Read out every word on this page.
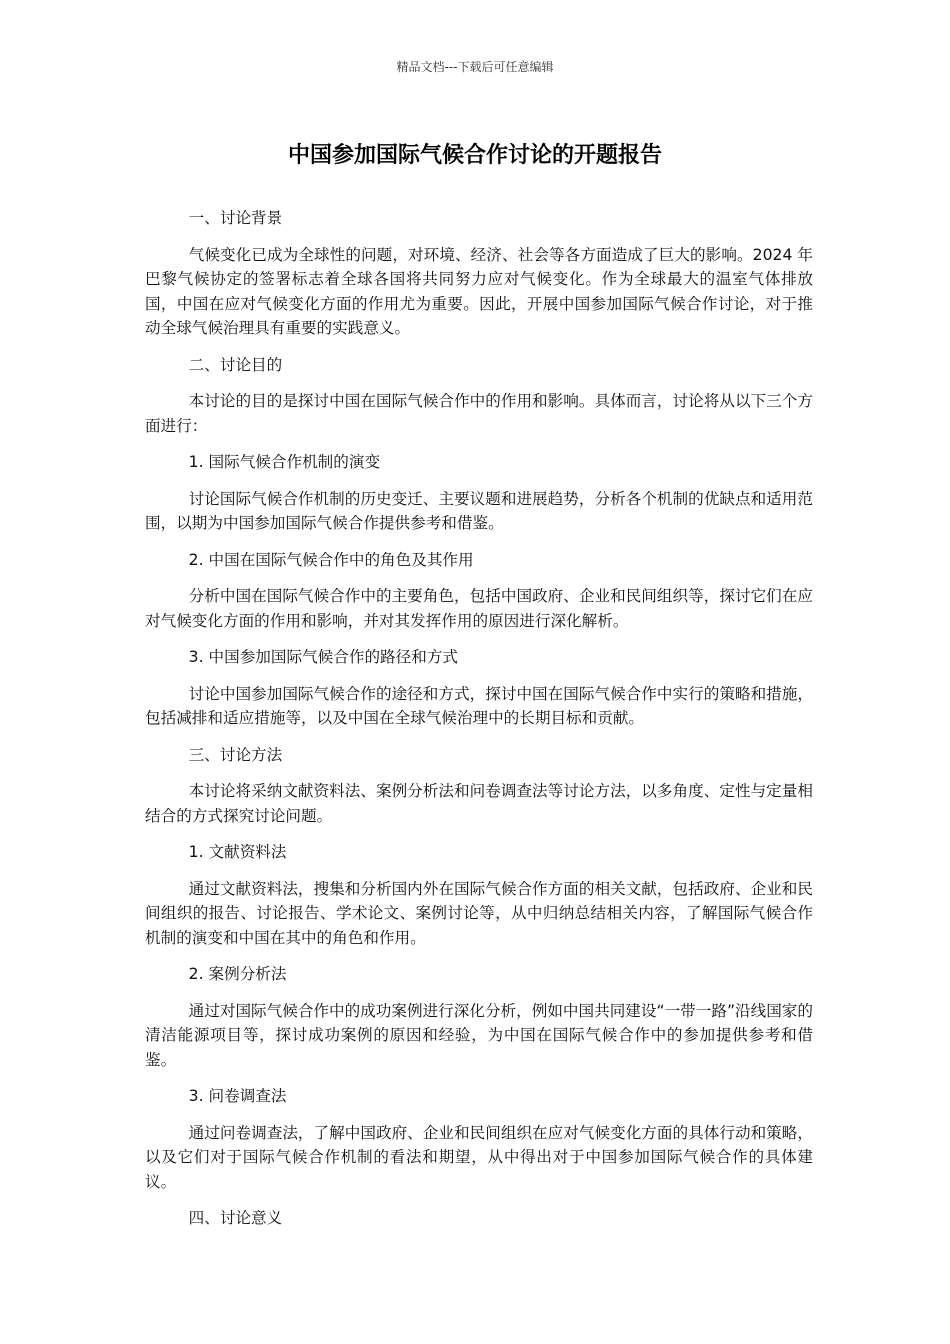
精品文档---下载后可任意编辑
中国参加国际气候合作讨论的开题报告

一、讨论背景

气候变化已成为全球性的问题，对环境、经济、社会等各方面造成了巨大的影响。2024 年巴黎气候协定的签署标志着全球各国将共同努力应对气候变化。作为全球最大的温室气体排放国，中国在应对气候变化方面的作用尤为重要。因此，开展中国参加国际气候合作讨论，对于推动全球气候治理具有重要的实践意义。

二、讨论目的

本讨论的目的是探讨中国在国际气候合作中的作用和影响。具体而言，讨论将从以下三个方面进行：

1. 国际气候合作机制的演变

讨论国际气候合作机制的历史变迁、主要议题和进展趋势，分析各个机制的优缺点和适用范围，以期为中国参加国际气候合作提供参考和借鉴。

2. 中国在国际气候合作中的角色及其作用

分析中国在国际气候合作中的主要角色，包括中国政府、企业和民间组织等，探讨它们在应对气候变化方面的作用和影响，并对其发挥作用的原因进行深化解析。

3. 中国参加国际气候合作的路径和方式

讨论中国参加国际气候合作的途径和方式，探讨中国在国际气候合作中实行的策略和措施，包括减排和适应措施等，以及中国在全球气候治理中的长期目标和贡献。

三、讨论方法

本讨论将采纳文献资料法、案例分析法和问卷调查法等讨论方法，以多角度、定性与定量相结合的方式探究讨论问题。

1. 文献资料法

通过文献资料法，搜集和分析国内外在国际气候合作方面的相关文献，包括政府、企业和民间组织的报告、讨论报告、学术论文、案例讨论等，从中归纳总结相关内容，了解国际气候合作机制的演变和中国在其中的角色和作用。

2. 案例分析法

通过对国际气候合作中的成功案例进行深化分析，例如中国共同建设“一带一路”沿线国家的清洁能源项目等，探讨成功案例的原因和经验，为中国在国际气候合作中的参加提供参考和借鉴。

3. 问卷调查法

通过问卷调查法，了解中国政府、企业和民间组织在应对气候变化方面的具体行动和策略，以及它们对于国际气候合作机制的看法和期望，从中得出对于中国参加国际气候合作的具体建议。

四、讨论意义
